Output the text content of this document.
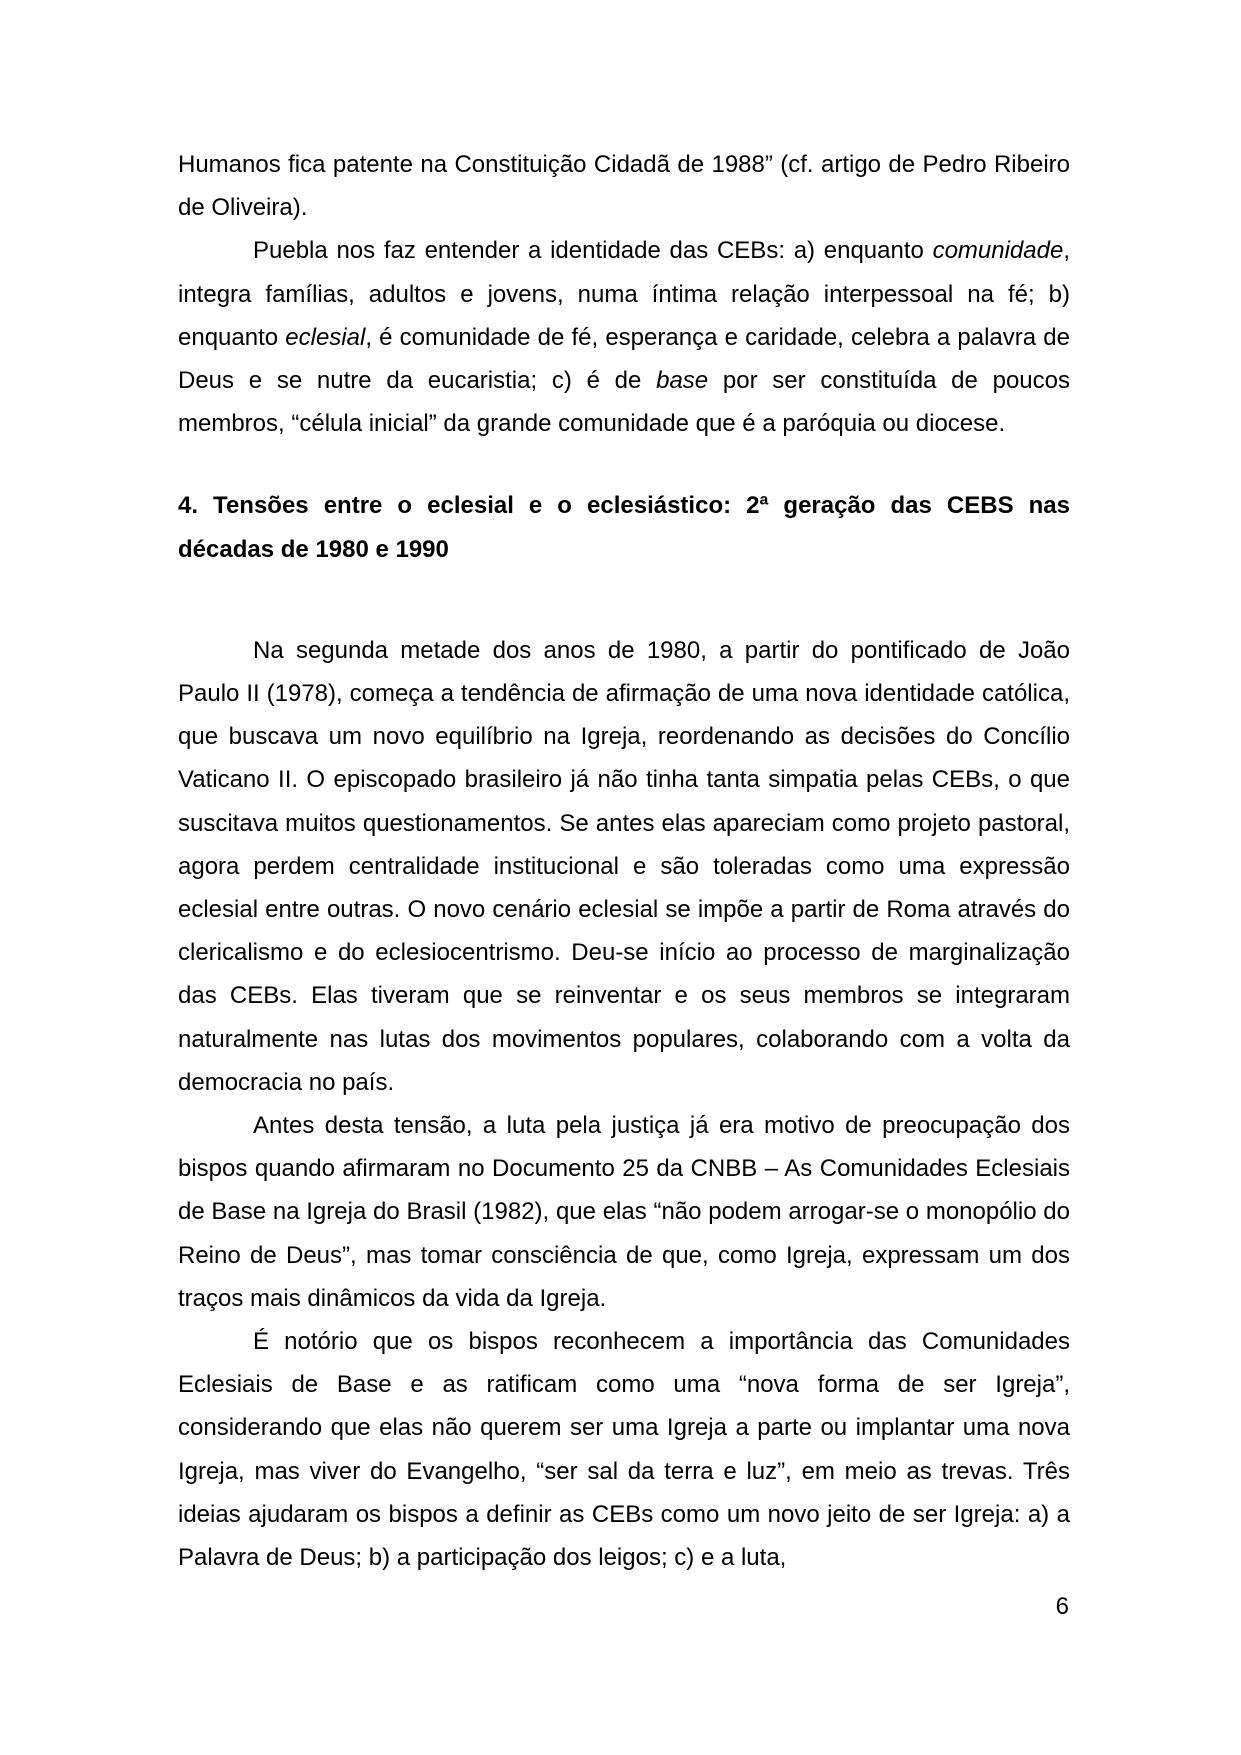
Humanos fica patente na Constituição Cidadã de 1988” (cf. artigo de Pedro Ribeiro de Oliveira).

Puebla nos faz entender a identidade das CEBs: a) enquanto comunidade, integra famílias, adultos e jovens, numa íntima relação interpessoal na fé; b) enquanto eclesial, é comunidade de fé, esperança e caridade, celebra a palavra de Deus e se nutre da eucaristia; c) é de base por ser constituída de poucos membros, “célula inicial” da grande comunidade que é a paróquia ou diocese.

4. Tensões entre o eclesial e o eclesiástico: 2ª geração das CEBS nas décadas de 1980 e 1990

Na segunda metade dos anos de 1980, a partir do pontificado de João Paulo II (1978), começa a tendência de afirmação de uma nova identidade católica, que buscava um novo equilíbrio na Igreja, reordenando as decisões do Concílio Vaticano II. O episcopado brasileiro já não tinha tanta simpatia pelas CEBs, o que suscitava muitos questionamentos. Se antes elas apareciam como projeto pastoral, agora perdem centralidade institucional e são toleradas como uma expressão eclesial entre outras. O novo cenário eclesial se impõe a partir de Roma através do clericalismo e do eclesiocentrismo. Deu-se início ao processo de marginalização das CEBs. Elas tiveram que se reinventar e os seus membros se integraram naturalmente nas lutas dos movimentos populares, colaborando com a volta da democracia no país.

Antes desta tensão, a luta pela justiça já era motivo de preocupação dos bispos quando afirmaram no Documento 25 da CNBB – As Comunidades Eclesiais de Base na Igreja do Brasil (1982), que elas “não podem arrogar-se o monopólio do Reino de Deus”, mas tomar consciência de que, como Igreja, expressam um dos traços mais dinâmicos da vida da Igreja.

É notório que os bispos reconhecem a importância das Comunidades Eclesiais de Base e as ratificam como uma “nova forma de ser Igreja”, considerando que elas não querem ser uma Igreja a parte ou implantar uma nova Igreja, mas viver do Evangelho, “ser sal da terra e luz”, em meio as trevas. Três ideias ajudaram os bispos a definir as CEBs como um novo jeito de ser Igreja: a) a Palavra de Deus; b) a participação dos leigos; c) e a luta,

6
